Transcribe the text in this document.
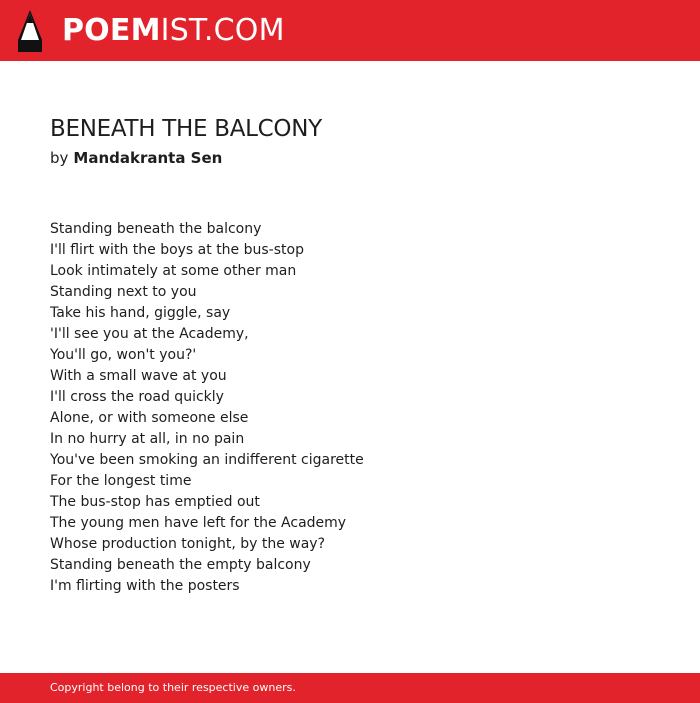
POEM IST.COM
BENEATH THE BALCONY
by Mandakranta Sen
Standing beneath the balcony
I'll flirt with the boys at the bus-stop
Look intimately at some other man
Standing next to you
Take his hand, giggle, say
'I'll see you at the Academy,
You'll go, won't you?'
With a small wave at you
I'll cross the road quickly
Alone, or with someone else
In no hurry at all, in no pain
You've been smoking an indifferent cigarette
For the longest time
The bus-stop has emptied out
The young men have left for the Academy
Whose production tonight, by the way?
Standing beneath the empty balcony
I'm flirting with the posters
Copyright belong to their respective owners.
